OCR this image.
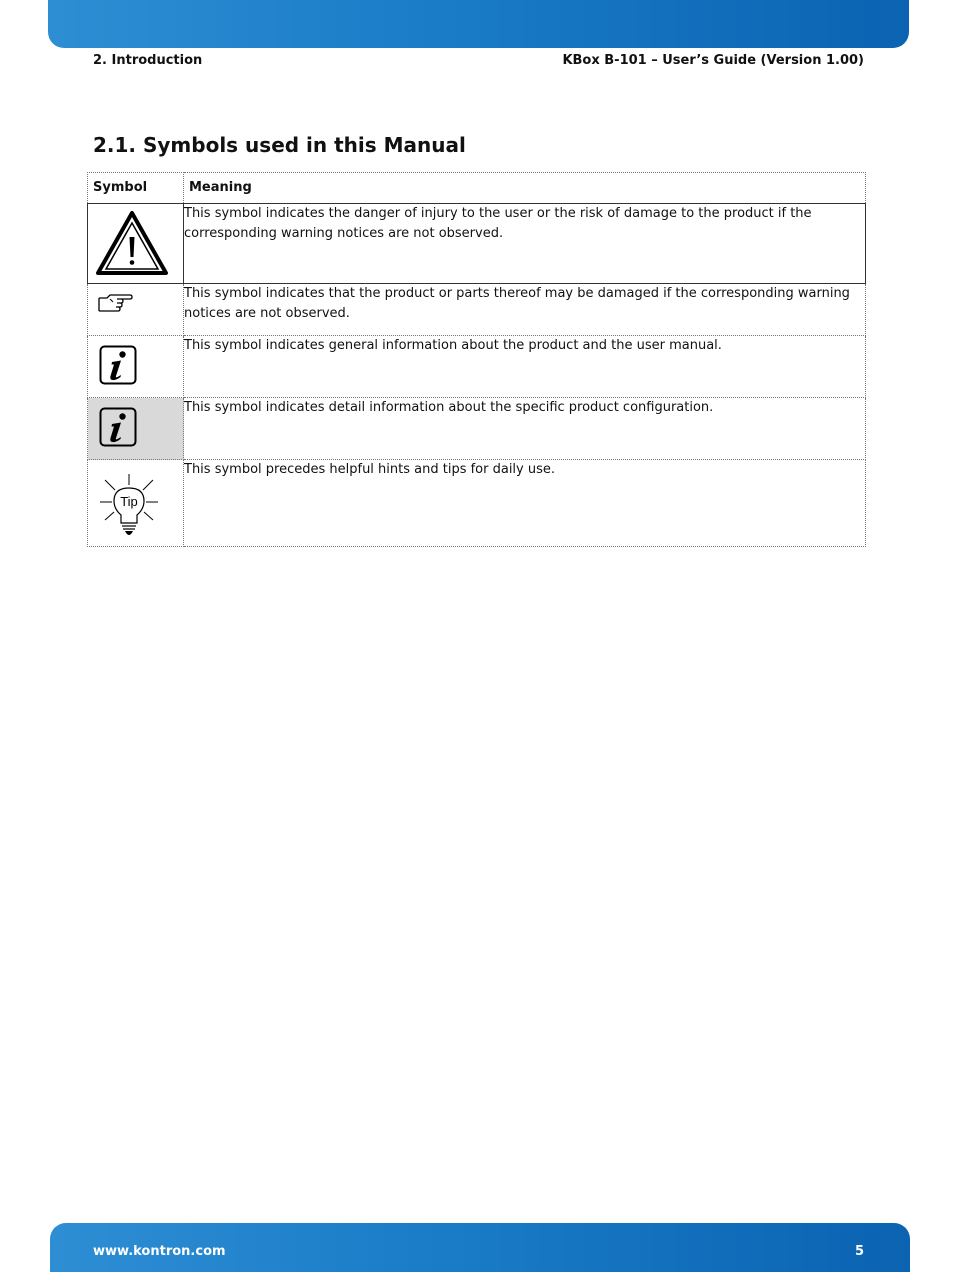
2. Introduction	KBox B-101 – User’s Guide (Version 1.00)
2.1. Symbols used in this Manual
Symbol	Meaning

	This symbol indicates the danger of injury to the user or the risk of damage to the product if the corresponding warning notices are not observed.

	This symbol indicates that the product or parts thereof may be damaged if the corresponding warning notices are not observed.

	This symbol indicates general information about the product and the user manual.

	This symbol indicates detail information about the specific product configuration.

Tip	This symbol precedes helpful hints and tips for daily use.
www.kontron.com	5
